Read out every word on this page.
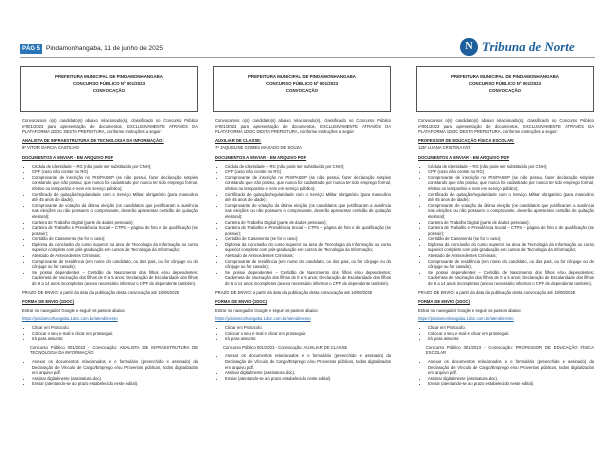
PÁG 5 Pindamonhangaba, 11 de junho de 2025	N Tribuna de Norte
PREFEITURA MUNICIPAL DE PINDAMONHANGABA
CONCURSO PÚBLICO Nº 001/2023
CONVOCAÇÃO

Convocamos o(s) candidato(s) abaixo relacionado(s), classificado no Concurso Público nº001/2023 para apresentação de documentos, EXCLUSIVAMENTE ATRAVÉS DA PLATAFORMA 1DOC DESTA PREFEITURA, conforme instruções a seguir:

ANALISTA DE INFRAESTRUTURA DE TECNOLOGIA DA INFORMAÇÃO:

8º VITOR GARCIA CASTILHO

DOCUMENTOS A ENVIAR - EM ARQUIVO PDF
• Cédula de Identidade – RG (não pode ser substituído por CNH);
• CPF (caso não conste no RG)
• Comprovante de inscrição no PIS/PASEP (se não possui, fazer declaração simples constando que não possui, que nunca foi cadastrado por nunca ter tido emprego formal, efetivo ou temporário e nem em serviço público);
• Certificado de quitação/regularidade com o Serviço Militar obrigatório (para masculino até 45 anos de idade);
• Comprovante de votação da última eleição (os candidatos que justificaram a ausência nas eleições ou não possuem o comprovante, deverão apresentar certidão de quitação eleitoral);
• Carteira de Trabalho Digital (parte de dados pessoais);
• Carteira de Trabalho e Previdência Social – CTPS – página de foto e de qualificação (se possuir);
• Certidão de Casamento (se for o caso);
• Diploma da conclusão do curso superior na área de Tecnologia da Informação ou curso superior completo com pós-graduação em cursos de Tecnologia da Informação;
• Atestado de Antecedentes Criminais;
• Comprovante de residência (em nome do candidato, ou dos pais, ou for cônjuge ou do cônjuge ou for casado);
• Se possui dependentes – Certidão de Nascimento dos filhos e/ou dependentes; Caderneta de Vacinação dos filhos de 0 a 5 anos; Declaração de Escolaridade dos filhos de 6 a 14 anos incompletos (anexo necessário informar o CPF de dependente também).

PRAZO DE ENVIO: a partir da data da publicação desta convocação até 18/06/2025

FORMA DE ENVIO (1DOC)

Entrar no navegador Google e seguir os passos abaixo:

https://pindamonhangaba.1doc.com.br/atendimento

• Clicar em Protocolo.
• Colocar o seu e-mail e clicar em prosseguir.
• Irá para assunto:

Concurso Público 001/2023 - Convocação: ANALISTA DE INFRAESTRUTURA DE TECNOLOGIA DA INFORMAÇÃO

• Anexar os documentos relacionados e o formulário (preenchido e assinado) da Declaração de Vínculo de Cargo/Emprego e/ou Proventos públicos, todos digitalizados em arquivo pdf.
• Assinar digitalmente (assinatura.doc).
• Enviar (atentando-se ao prazo estabelecido neste edital).
PREFEITURA MUNICIPAL DE PINDAMONHANGABA
CONCURSO PÚBLICO Nº 001/2023
CONVOCAÇÃO

Convocamos o(s) candidato(s) abaixo relacionado(s), classificado no Concurso Público nº001/2023 para apresentação de documentos, EXCLUSIVAMENTE ATRAVÉS DA PLATAFORMA 1DOC DESTA PREFEITURA, conforme instruções a seguir:

AUXILIAR DE CLASSE:

7º JAQUELINE GOMES MAXADO DE SOUZA

DOCUMENTOS A ENVIAR - EM ARQUIVO PDF
• Cédula de Identidade – RG (não pode ser substituído por CNH);
• CPF (caso não conste no RG)
• Comprovante de inscrição no PIS/PASEP (se não possui, fazer declaração simples constando que não possui, que nunca foi cadastrado por nunca ter tido emprego formal, efetivo ou temporário e nem em serviço público);
• Certificado de quitação/regularidade com o Serviço Militar obrigatório (para masculino até 45 anos de idade);
• Comprovante de votação da última eleição (os candidatos que justificaram a ausência nas eleições ou não possuem o comprovante, deverão apresentar certidão de quitação eleitoral);
• Carteira de Trabalho Digital (parte de dados pessoais);
• Carteira de Trabalho e Previdência Social – CTPS – página de foto e de qualificação (se possuir);
• Certidão de Casamento (se for o caso);
• Diploma da conclusão do curso superior na área de Tecnologia da Informação ou curso superior completo com pós-graduação em cursos de Tecnologia da Informação;
• Atestado de Antecedentes Criminais;
• Comprovante de residência (em nome do candidato, ou dos pais, ou for cônjuge ou do cônjuge ou for casado);
• Se possui dependentes – Certidão de Nascimento dos filhos e/ou dependentes; Caderneta de Vacinação dos filhos de 0 a 5 anos; Declaração de Escolaridade dos filhos de 6 a 14 anos incompletos (anexo necessário informar o CPF de dependente também).

PRAZO DE ENVIO: a partir da data da publicação desta convocação até 18/06/2025

FORMA DE ENVIO (1DOC)

Entrar no navegador Google e seguir os passos abaixo:

https://pindamonhangaba.1doc.com.br/atendimento

• Clicar em Protocolo.
• Colocar o seu e-mail e clicar em prosseguir.
• Irá para assunto:

Concurso Público 001/2023 - Convocação: AUXILIAR DE CLASSE

• Anexar os documentos relacionados e o formulário (preenchido e assinado) da Declaração de Vínculo de Cargo/Emprego e/ou Proventos públicos, todos digitalizados em arquivo pdf.
• Assinar digitalmente (assinatura.doc).
• Enviar (atentando-se ao prazo estabelecido neste edital).
PREFEITURA MUNICIPAL DE PINDAMONHANGABA
CONCURSO PÚBLICO Nº 001/2023
CONVOCAÇÃO

Convocamos o(s) candidato(s) abaixo relacionado(s), classificado no Concurso Público nº001/2023 para apresentação de documentos, EXCLUSIVAMENTE ATRAVÉS DA PLATAFORMA 1DOC DESTA PREFEITURA, conforme instruções a seguir:

PROFESSOR DE EDUCAÇÃO FÍSICA ESCOLAR:

125º LUANA CRISTINA IVO

DOCUMENTOS A ENVIAR - EM ARQUIVO PDF
• Cédula de Identidade – RG (não pode ser substituído por CNH);
• CPF (caso não conste no RG)
• Comprovante de inscrição no PIS/PASEP (se não possui, fazer declaração simples constando que não possui, que nunca foi cadastrado por nunca ter tido emprego formal, efetivo ou temporário e nem em serviço público);
• Certificado de quitação/regularidade com o Serviço Militar obrigatório (para masculino até 45 anos de idade);
• Comprovante de votação da última eleição (os candidatos que justificaram a ausência nas eleições ou não possuem o comprovante, deverão apresentar certidão de quitação eleitoral);
• Carteira de Trabalho Digital (parte de dados pessoais);
• Carteira de Trabalho e Previdência Social – CTPS – página de foto e de qualificação (se possuir);
• Certidão de Casamento (se for o caso);
• Diploma da conclusão do curso superior na área de Tecnologia da Informação ou curso superior completo com pós-graduação em cursos de Tecnologia da Informação;
• Atestado de Antecedentes Criminais;
• Comprovante de residência (em nome do candidato, ou dos pais, ou for cônjuge ou do cônjuge ou for casado);
• Se possui dependentes – Certidão de Nascimento dos filhos e/ou dependentes; Caderneta de Vacinação dos filhos de 0 a 5 anos; Declaração de Escolaridade dos filhos de 6 a 14 anos incompletos (anexo necessário informar o CPF de dependente também).

PRAZO DE ENVIO: a partir da data da publicação desta convocação até 18/06/2025

FORMA DE ENVIO (1DOC)

Entrar no navegador Google e seguir os passos abaixo:

https://pindamonhangaba.1doc.com.br/atendimento

• Clicar em Protocolo.
• Colocar o seu e-mail e clicar em prosseguir.
• Irá para assunto:

Concurso Público 001/2023 - Convocação: PROFESSOR DE EDUCAÇÃO FÍSICA ESCOLAR

• Anexar os documentos relacionados e o formulário (preenchido e assinado) da Declaração de Vínculo de Cargo/Emprego e/ou Proventos públicos, todos digitalizados em arquivo pdf.
• Assinar digitalmente (assinatura.doc).
• Enviar (atentando-se ao prazo estabelecido neste edital).
